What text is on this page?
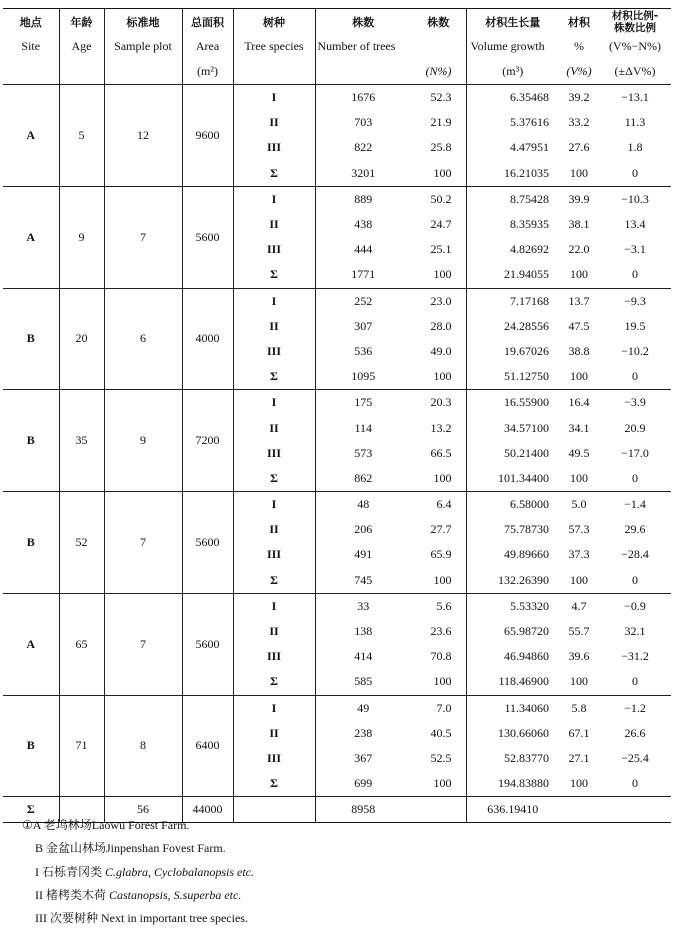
地点	年龄	标准地	总面积	树种	株数	株数	材积生长量	材积	材积比例-
株数比例
Site	Age	Sample plot	Area	Tree species	Number of trees		Volume growth	%	(V%−N%)
			(m²)			(N%)	(m³)	(V%)	(±ΔV%)
A	5	12	9600	I	1676	52.3	6.35468	39.2	−13.1
				II	703	21.9	5.37616	33.2	11.3
				III	822	25.8	4.47951	27.6	1.8
				Σ	3201	100	16.21035	100	0
A	9	7	5600	I	889	50.2	8.75428	39.9	−10.3
				II	438	24.7	8.35935	38.1	13.4
				III	444	25.1	4.82692	22.0	−3.1
				Σ	1771	100	21.94055	100	0
B	20	6	4000	I	252	23.0	7.17168	13.7	−9.3
				II	307	28.0	24.28556	47.5	19.5
				III	536	49.0	19.67026	38.8	−10.2
				Σ	1095	100	51.12750	100	0
B	35	9	7200	I	175	20.3	16.55900	16.4	−3.9
				II	114	13.2	34.57100	34.1	20.9
				III	573	66.5	50.21400	49.5	−17.0
				Σ	862	100	101.34400	100	0
B	52	7	5600	I	48	6.4	6.58000	5.0	−1.4
				II	206	27.7	75.78730	57.3	29.6
				III	491	65.9	49.89660	37.3	−28.4
				Σ	745	100	132.26390	100	0
A	65	7	5600	I	33	5.6	5.53320	4.7	−0.9
				II	138	23.6	65.98720	55.7	32.1
				III	414	70.8	46.94860	39.6	−31.2
				Σ	585	100	118.46900	100	0
B	71	8	6400	I	49	7.0	11.34060	5.8	−1.2
				II	238	40.5	130.66060	67.1	26.6
				III	367	52.5	52.83770	27.1	−25.4
				Σ	699	100	194.83880	100	0
Σ		56	44000		8958		636.19410		
①A 老坞林场Laowu Forest Farm.
B 金盆山林场Jinpenshan Fovest Farm.
I 石栎青冈类 C.glabra, Cyclobalanopsis etc.
II 楮栲类木荷 Castanopsis, S.superba etc.
III 次要树种 Next in important tree species.
